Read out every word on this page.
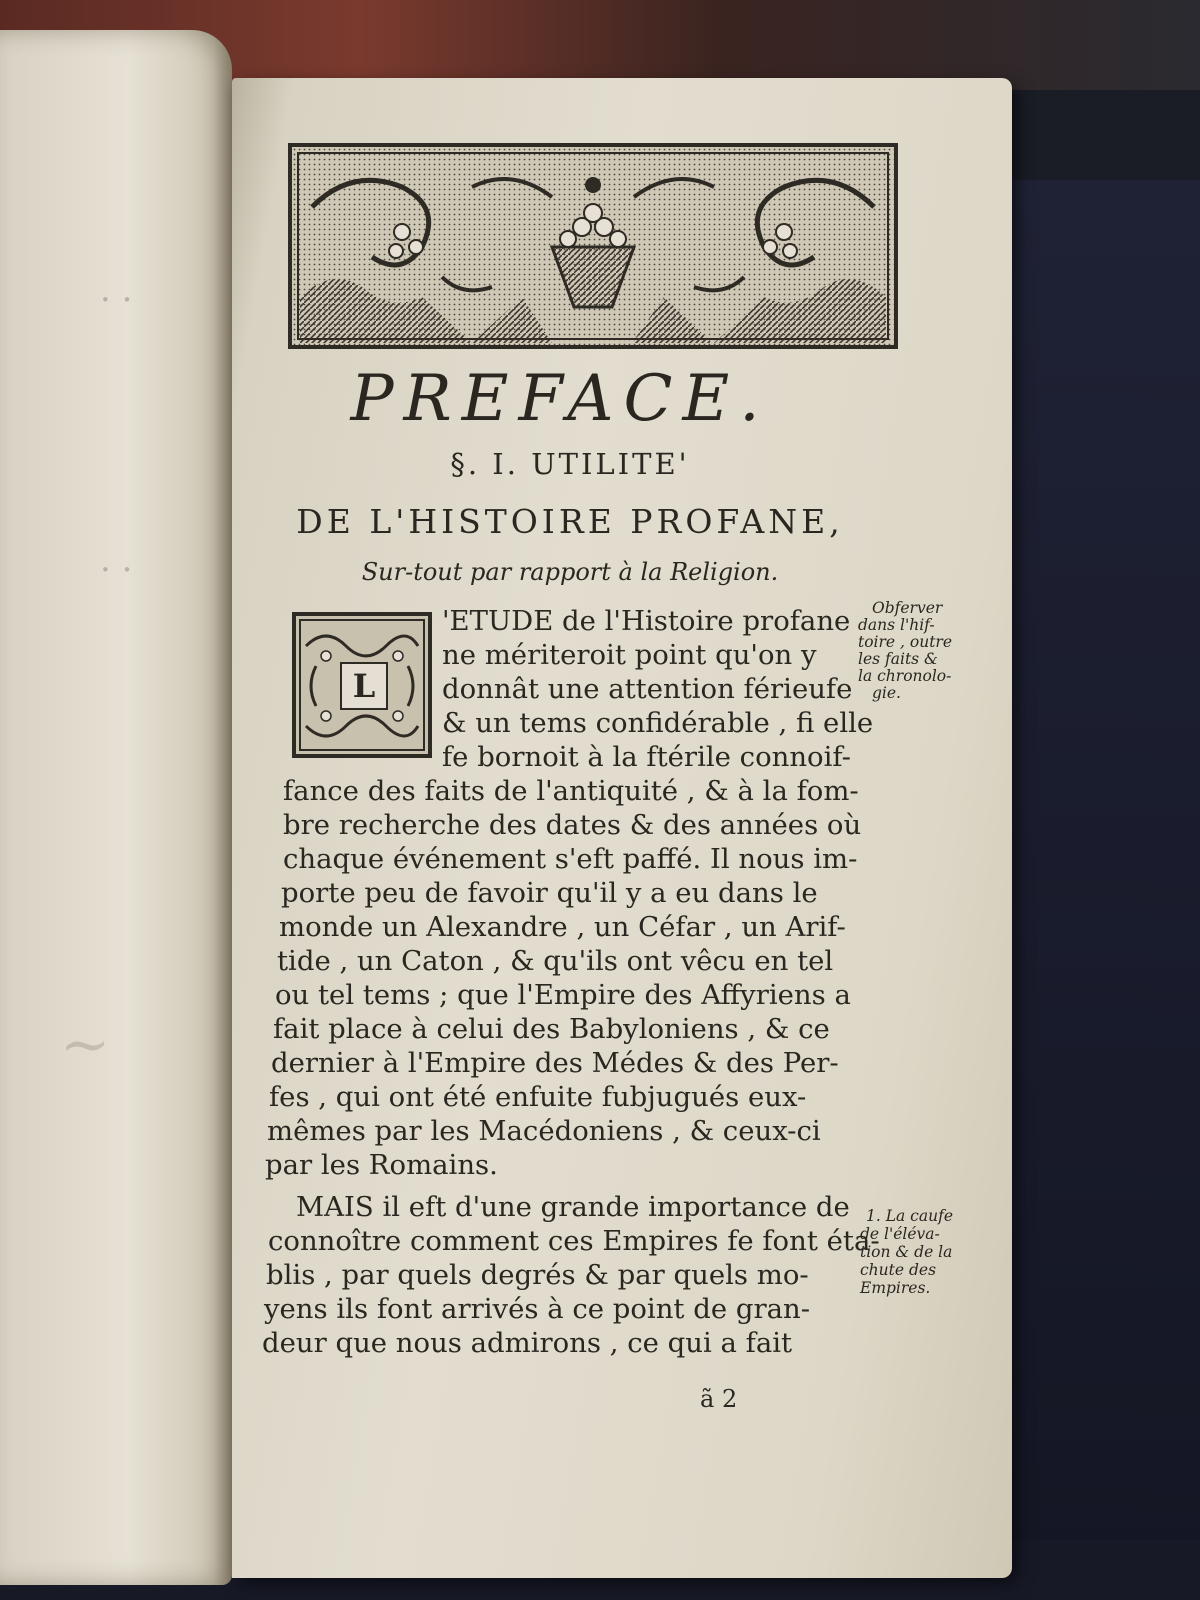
· ·
· ·
~
PREFACE.
§. I. UTILITE'
DE L'HISTOIRE PROFANE,
Sur-tout par rapport à la Religion.
L
'ETUDE de l'Histoire profane
ne mériteroit point qu'on y
donnât une attention férieufe
& un tems confidérable , fi elle
fe bornoit à la ftérile connoif-
fance des faits de l'antiquité , & à la fom-
bre recherche des dates & des années où
chaque événement s'eft paffé. Il nous im-
porte peu de favoir qu'il y a eu dans le
monde un Alexandre , un Céfar , un Arif-
tide , un Caton , & qu'ils ont vêcu en tel
ou tel tems ; que l'Empire des Affyriens a
fait place à celui des Babyloniens , & ce
dernier à l'Empire des Médes & des Per-
fes , qui ont été enfuite fubjugués eux-
mêmes par les Macédoniens , & ceux-ci
par les Romains.
MAIS il eft d'une grande importance de
connoître comment ces Empires fe font éta-
blis , par quels degrés & par quels mo-
yens ils font arrivés à ce point de gran-
deur que nous admirons , ce qui a fait
Obferver
dans l'hif-
toire , outre
les faits &
la chronolo-
gie.
1. La caufe
de l'éléva-
tion & de la
chute des
Empires.
ã 2
